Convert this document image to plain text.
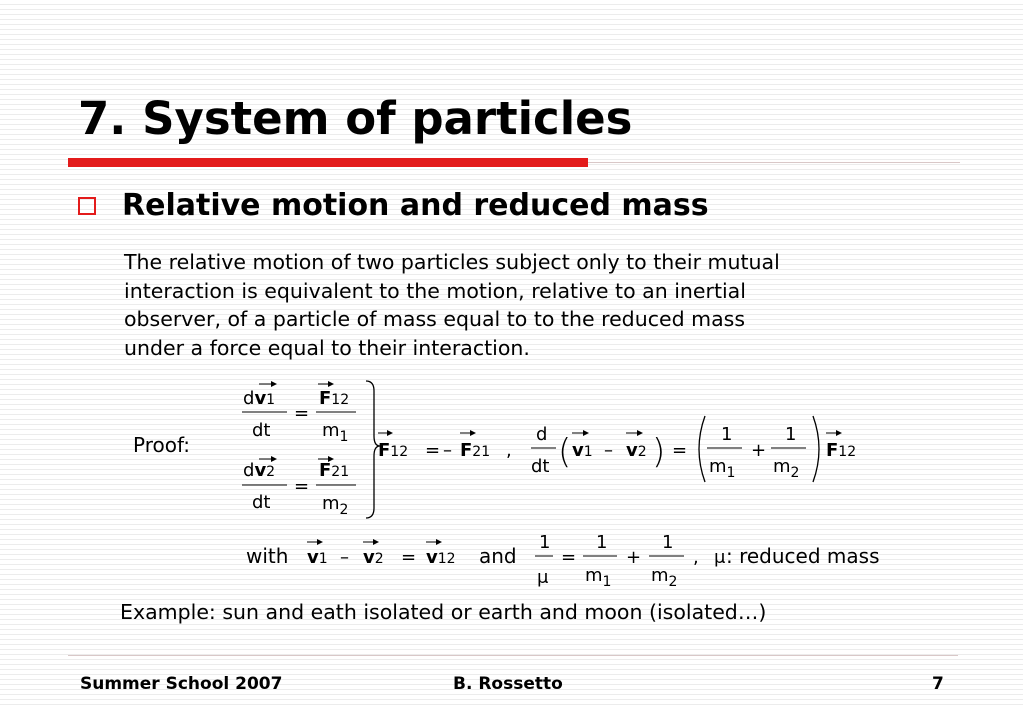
7. System of particles
Relative motion and reduced mass
The relative motion of two particles subject only to their mutual
interaction is equivalent to the motion, relative to an inertial
observer, of a particle of mass equal to to the reduced mass
under a force equal to their interaction.
Proof:
dv1
dt
=
F12
$m_1$
dv2
dt
=
F21
$m_2$
F12 = – F21 ,
d
dt ( v1 – v2 ) =
1
$m_1$
+
1
$m_2$
F12
with v1 – v2 = v12 and
1
μ
=
1
$m_1$
+
1
$m_2$
, μ : reduced mass
Example: sun and eath isolated or earth and moon (isolated…)
Summer School 2007	B. Rossetto	7
